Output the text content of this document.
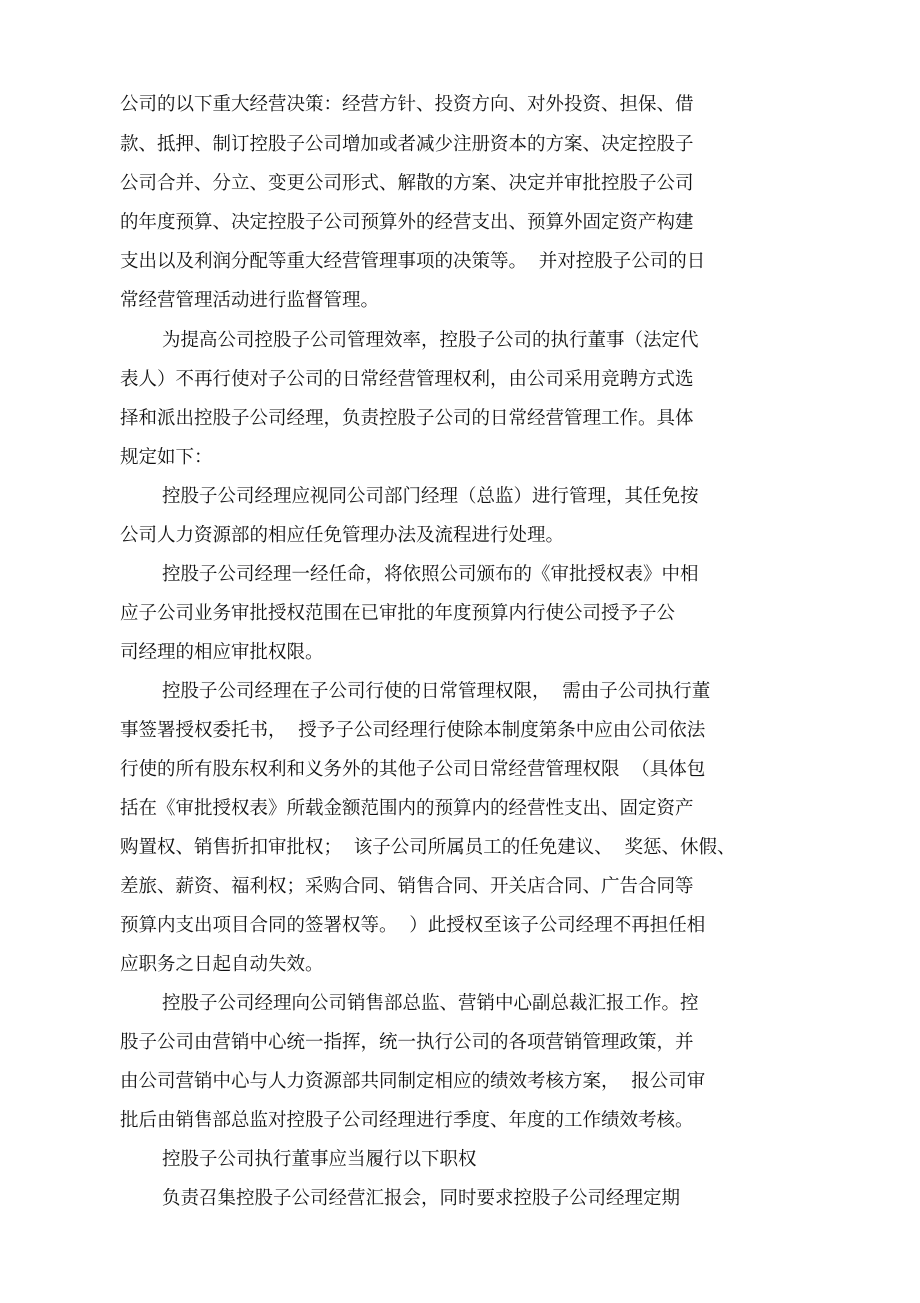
公司的以下重大经营决策：经营方针、投资方向、对外投资、担保、借
款、抵押、制订控股子公司增加或者减少注册资本的方案、决定控股子
公司合并、分立、变更公司形式、解散的方案、决定并审批控股子公司
的年度预算、决定控股子公司预算外的经营支出、预算外固定资产构建
支出以及利润分配等重大经营管理事项的决策等。  并对控股子公司的日
常经营管理活动进行监督管理。
为提高公司控股子公司管理效率，控股子公司的执行董事（法定代
表人）不再行使对子公司的日常经营管理权利，由公司采用竞聘方式选
择和派出控股子公司经理，负责控股子公司的日常经营管理工作。具体
规定如下：
控股子公司经理应视同公司部门经理（总监）进行管理，其任免按
公司人力资源部的相应任免管理办法及流程进行处理。
控股子公司经理一经任命，将依照公司颁布的《审批授权表》中相
应子公司业务审批授权范围在已审批的年度预算内行使公司授予子公
司经理的相应审批权限。
控股子公司经理在子公司行使的日常管理权限，  需由子公司执行董
事签署授权委托书，  授予子公司经理行使除本制度第条中应由公司依法
行使的所有股东权利和义务外的其他子公司日常经营管理权限  （具体包
括在《审批授权表》所载金额范围内的预算内的经营性支出、固定资产
购置权、销售折扣审批权；  该子公司所属员工的任免建议、  奖惩、休假、
差旅、薪资、福利权；采购合同、销售合同、开关店合同、广告合同等
预算内支出项目合同的签署权等。  ）此授权至该子公司经理不再担任相
应职务之日起自动失效。
控股子公司经理向公司销售部总监、营销中心副总裁汇报工作。控
股子公司由营销中心统一指挥，统一执行公司的各项营销管理政策，并
由公司营销中心与人力资源部共同制定相应的绩效考核方案，  报公司审
批后由销售部总监对控股子公司经理进行季度、年度的工作绩效考核。
控股子公司执行董事应当履行以下职权
负责召集控股子公司经营汇报会，同时要求控股子公司经理定期
